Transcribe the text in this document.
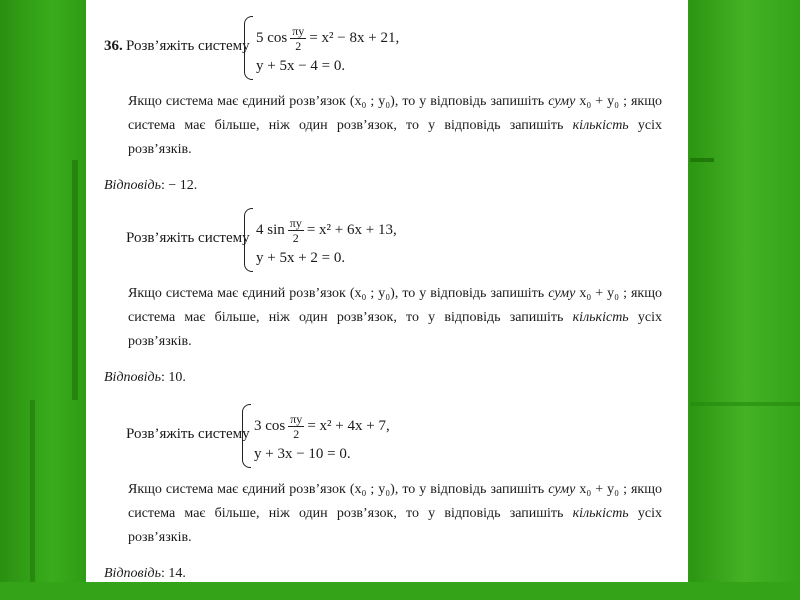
36. Розв’яжіть систему
5 $\cos \frac{\pi y}{2} = x^2 - 8x + 21$,
y + 5x − 4 = 0.

Якщо система має єдиний розв’язок (x₀ ; y₀), то у відповідь запишіть суму x₀ + y₀ ; якщо система має більше, ніж один розв’язок, то у відповідь запишіть кількість усіх розв’язків.

Відповідь: − 12.
Розв’яжіть систему
4 $\sin \frac{\pi y}{2} = x^2 + 6x + 13$,
y + 5x + 2 = 0.

Якщо система має єдиний розв’язок (x₀ ; y₀), то у відповідь запишіть суму x₀ + y₀ ; якщо система має більше, ніж один розв’язок, то у відповідь запишіть кількість усіх розв’язків.

Відповідь: 10.
Розв’яжіть систему
3 $\cos \frac{\pi y}{2} = x^2 + 4x + 7$,
y + 3x − 10 = 0.

Якщо система має єдиний розв’язок (x₀ ; y₀), то у відповідь запишіть суму x₀ + y₀ ; якщо система має більше, ніж один розв’язок, то у відповідь запишіть кількість усіх розв’язків.

Відповідь: 14.
